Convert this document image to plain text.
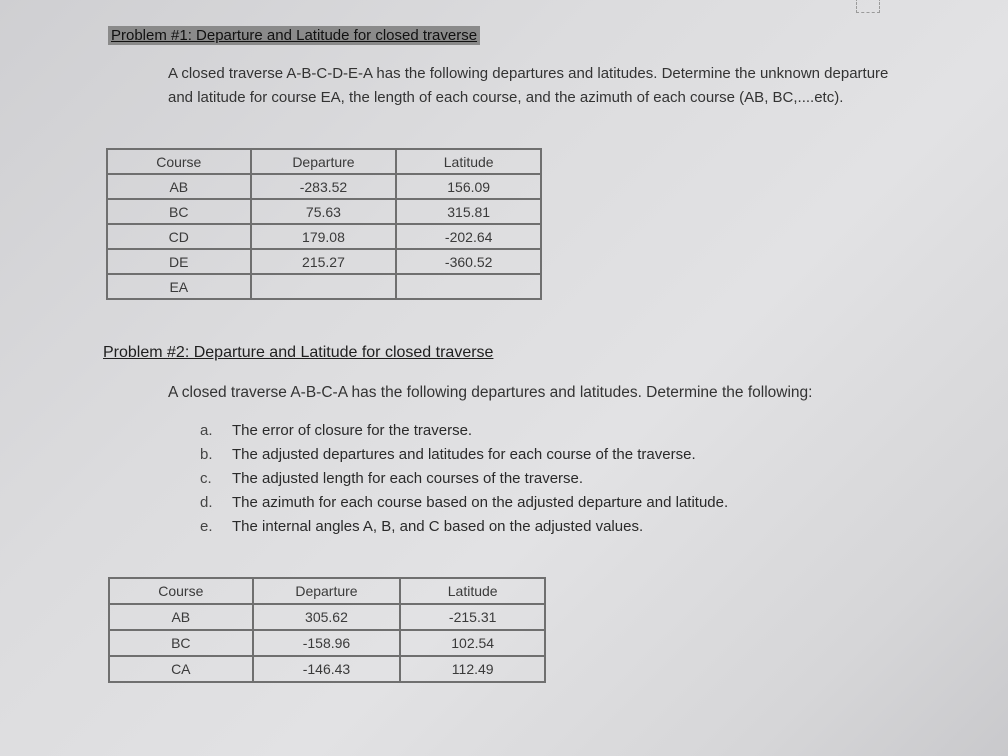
Problem #1: Departure and Latitude for closed traverse
A closed traverse A-B-C-D-E-A has the following departures and latitudes. Determine the unknown departure and latitude for course EA, the length of each course, and the azimuth of each course (AB, BC,....etc).
Course	Departure	Latitude
AB	-283.52	156.09
BC	75.63	315.81
CD	179.08	-202.64
DE	215.27	-360.52
EA		
Problem #2: Departure and Latitude for closed traverse
A closed traverse A-B-C-A has the following departures and latitudes. Determine the following:
a.	The error of closure for the traverse.
b.	The adjusted departures and latitudes for each course of the traverse.
c.	The adjusted length for each courses of the traverse.
d.	The azimuth for each course based on the adjusted departure and latitude.
e.	The internal angles A, B, and C based on the adjusted values.
Course	Departure	Latitude
AB	305.62	-215.31
BC	-158.96	102.54
CA	-146.43	112.49
